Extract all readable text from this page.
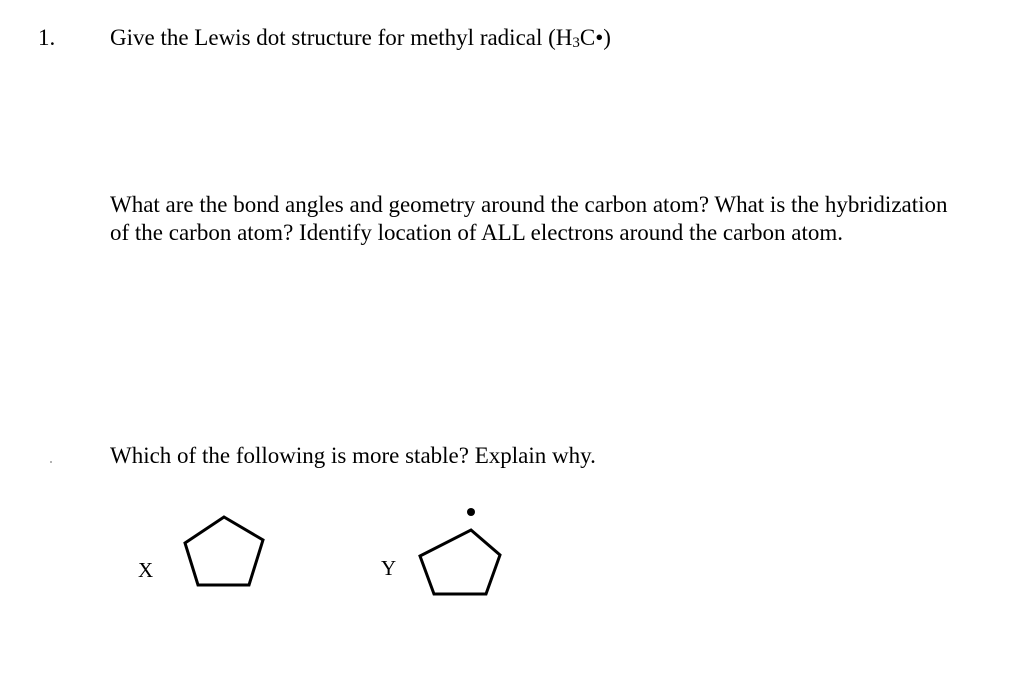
1. Give the Lewis dot structure for methyl radical $(H_3C•)$
What are the bond angles and geometry around the carbon atom? What is the hybridization
of the carbon atom? Identify location of ALL electrons around the carbon atom.
Which of the following is more stable? Explain why.
X	Y
